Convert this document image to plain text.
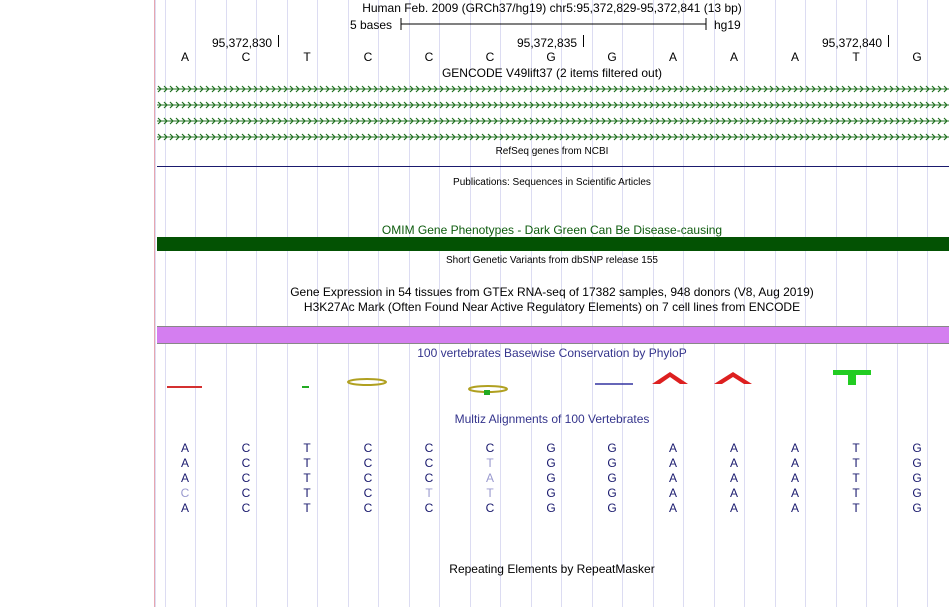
Human Feb. 2009 (GRCh37/hg19) chr5:95,372,829-95,372,841 (13 bp)
5 bases	hg19
95,372,830	95,372,835	95,372,840
A	C	T	C	C	C	G	G	A	A	A	T	G
GENCODE V49lift37 (2 items filtered out)
RefSeq genes from NCBI
Publications: Sequences in Scientific Articles
OMIM Gene Phenotypes - Dark Green Can Be Disease-causing
Short Genetic Variants from dbSNP release 155
Gene Expression in 54 tissues from GTEx RNA-seq of 17382 samples, 948 donors (V8, Aug 2019)
H3K27Ac Mark (Often Found Near Active Regulatory Elements) on 7 cell lines from ENCODE
100 vertebrates Basewise Conservation by PhyloP
Multiz Alignments of 100 Vertebrates
A	C	T	C	C	C	G	G	A	A	A	T	G
A	C	T	C	C	T	G	G	A	A	A	T	G
A	C	T	C	C	A	G	G	A	A	A	T	G
C	C	T	C	T	T	G	G	A	A	A	T	G
A	C	T	C	C	C	G	G	A	A	A	T	G
Repeating Elements by RepeatMasker
